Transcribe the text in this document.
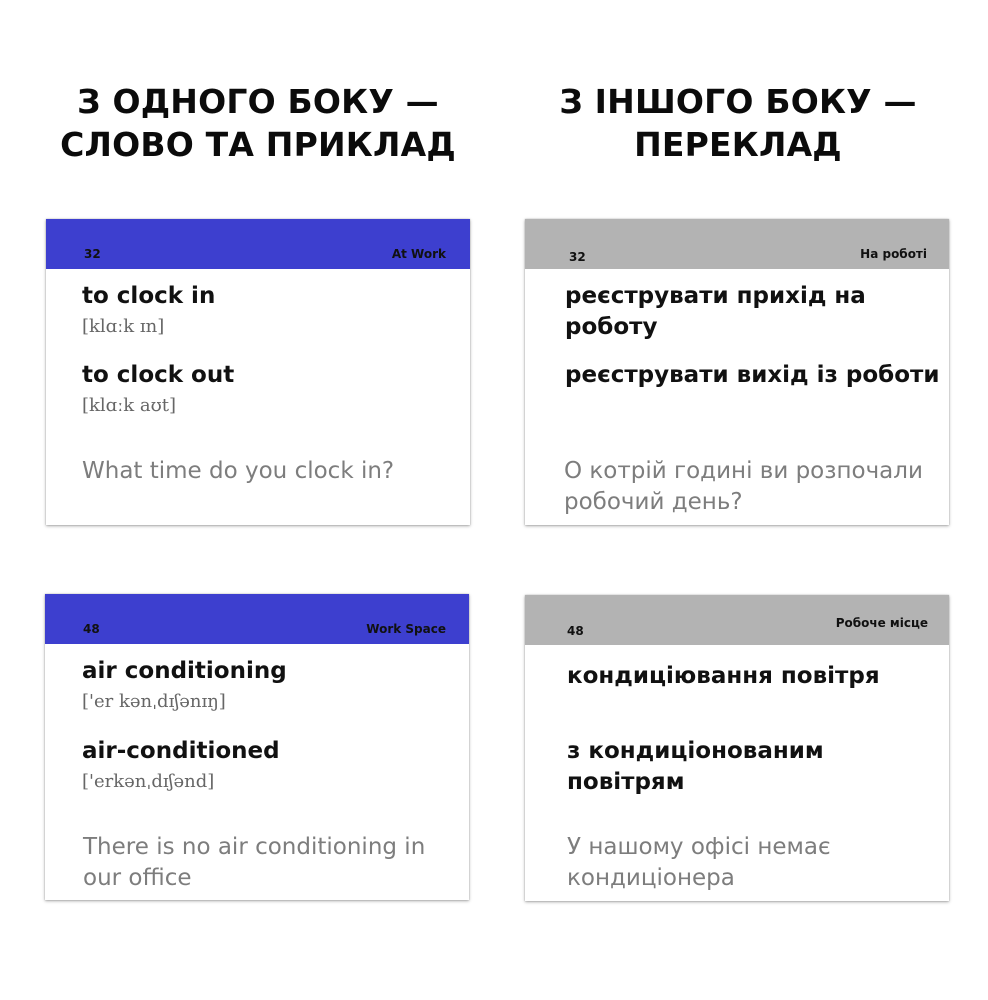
З ОДНОГО БОКУ —
СЛОВО ТА ПРИКЛАД
З ІНШОГО БОКУ —
ПЕРЕКЛАД
32	At Work
to clock in
[klɑːk ɪn]
to clock out
[klɑːk aʊt]
What time do you clock in?
32	На роботі
реєструвати прихід на роботу
реєструвати вихід із роботи
О котрій годині ви розпочали робочий день?
48	Work Space
air conditioning
['er kənˌdɪʃənɪŋ]
air-conditioned
['erkənˌdɪʃənd]
There is no air conditioning in our office
48
Робоче місце
кондиціювання повітря
з кондиціонованим повітрям
У нашому офісі немає кондиціонера
